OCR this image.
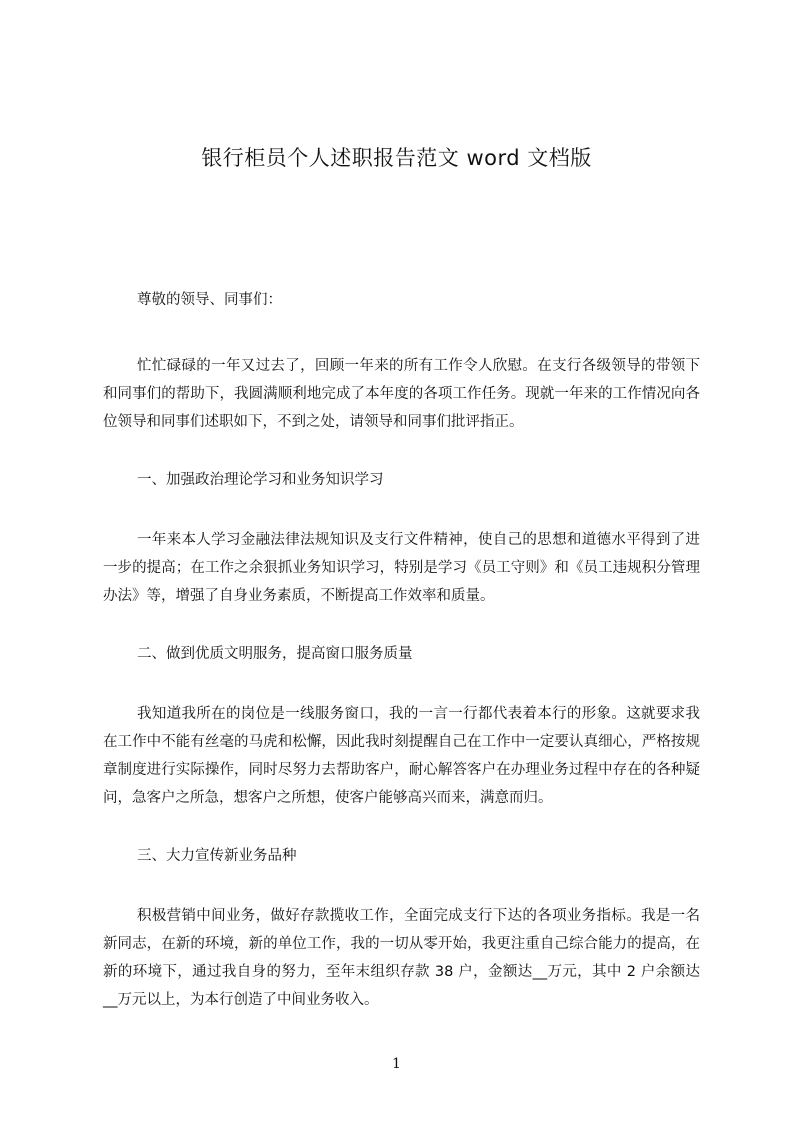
银行柜员个人述职报告范文 word 文档版

尊敬的领导、同事们：

忙忙碌碌的一年又过去了，回顾一年来的所有工作令人欣慰。在支行各级领导的带领下和同事们的帮助下，我圆满顺利地完成了本年度的各项工作任务。现就一年来的工作情况向各位领导和同事们述职如下，不到之处，请领导和同事们批评指正。

一、加强政治理论学习和业务知识学习

一年来本人学习金融法律法规知识及支行文件精神，使自己的思想和道德水平得到了进一步的提高；在工作之余狠抓业务知识学习，特别是学习《员工守则》和《员工违规积分管理办法》等，增强了自身业务素质，不断提高工作效率和质量。

二、做到优质文明服务，提高窗口服务质量

我知道我所在的岗位是一线服务窗口，我的一言一行都代表着本行的形象。这就要求我在工作中不能有丝毫的马虎和松懈，因此我时刻提醒自己在工作中一定要认真细心，严格按规章制度进行实际操作，同时尽努力去帮助客户，耐心解答客户在办理业务过程中存在的各种疑问，急客户之所急，想客户之所想，使客户能够高兴而来，满意而归。

三、大力宣传新业务品种

积极营销中间业务，做好存款揽收工作，全面完成支行下达的各项业务指标。我是一名新同志，在新的环境，新的单位工作，我的一切从零开始，我更注重自己综合能力的提高，在新的环境下，通过我自身的努力，至年末组织存款 38 户，金额达__万元，其中 2 户余额达__万元以上，为本行创造了中间业务收入。

1
